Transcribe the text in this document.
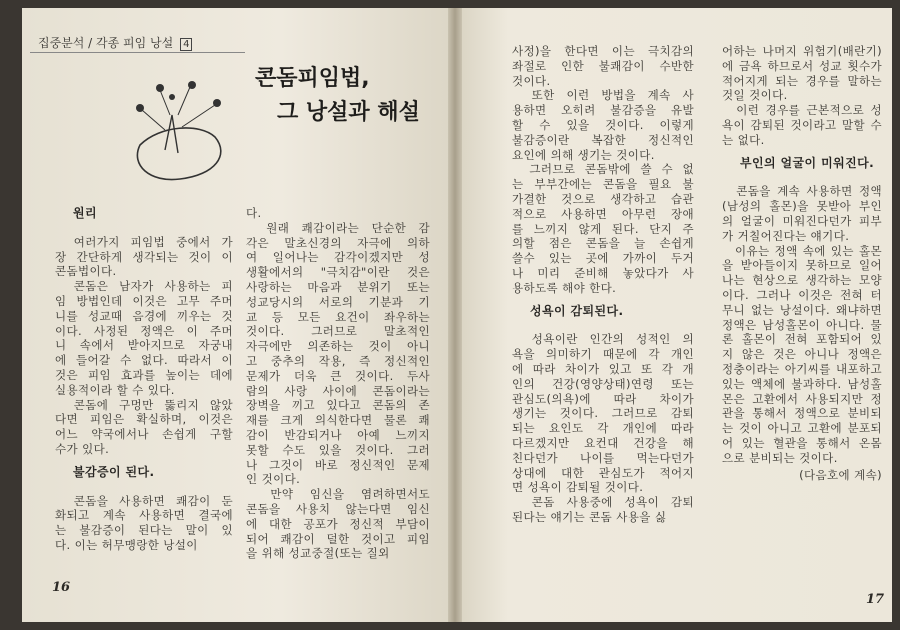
집중분석 / 각종 피임 낭설 4
콘돔피임법,
그 낭설과 해설
원리
　여러가지 피임법 중에서 가
장 간단하게 생각되는 것이 이
콘돔법이다.
　콘돔은 남자가 사용하는 피
임 방법인데 이것은 고무 주머
니를 성교때 음경에 끼우는 것
이다. 사정된 정액은 이 주머
니 속에서 받아지므로 자궁내
에 들어갈 수 없다. 따라서 이
것은 피임 효과를 높이는 데에
실용적이라 할 수 있다.
　콘돔에 구멍만 뚫리지 않았
다면 피임은 확실하며, 이것은
어느 약국에서나 손쉽게 구할
수가 있다.
불감증이 된다.
　콘돔을 사용하면 쾌감이 둔
화되고 계속 사용하면 결국에
는 불감증이 된다는 말이 있
다. 이는 허무맹랑한 낭설이
다.
　원래 쾌감이라는 단순한 감
각은 말초신경의 자극에 의하
여 일어나는 감각이겠지만 성
생활에서의 "극치감"이란 것은
사랑하는 마음과 분위기 또는
성교당시의 서로의 기분과 기
교 등 모든 요건이 좌우하는
것이다. 그러므로 말초적인
자극에만 의존하는 것이 아니
고 중추의 작용, 즉 정신적인
문제가 더욱 큰 것이다. 두사
람의 사랑 사이에 콘돔이라는
장벽을 끼고 있다고 콘돔의 존
재를 크게 의식한다면 물론 쾌
감이 반감되거나 아예 느끼지
못할 수도 있을 것이다. 그러
나 그것이 바로 정신적인 문제
인 것이다.
　만약 임신을 염려하면서도
콘돔을 사용치 않는다면 임신
에 대한 공포가 정신적 부담이
되어 쾌감이 덜한 것이고 피임
을 위해 성교중절(또는 질외
사정)을 한다면 이는 극치감의
좌절로 인한 불쾌감이 수반한
것이다.
　또한 이런 방법을 계속 사
용하면 오히려 불감증을 유발
할 수 있을 것이다. 이렇게
불감증이란 복잡한 정신적인
요인에 의해 생기는 것이다.
　그러므로 콘돔밖에 쓸 수 없
는 부부간에는 콘돔을 필요 불
가결한 것으로 생각하고 습관
적으로 사용하면 아무런 장애
를 느끼지 않게 된다. 단지 주
의할 점은 콘돔을 늘 손쉽게
쓸수 있는 곳에 가까이 두거
나 미리 준비해 놓았다가 사
용하도록 해야 한다.
성욕이 감퇴된다.
　성욕이란 인간의 성적인 의
욕을 의미하기 때문에 각 개인
에 따라 차이가 있고 또 각 개
인의 건강(영양상태)연령 또는
관심도(의욕)에 따라 차이가
생기는 것이다. 그러므로 감퇴
되는 요인도 각 개인에 따라
다르겠지만 요컨대 건강을 해
친다던가 나이를 먹는다던가
상대에 대한 관심도가 적어지
면 성욕이 감퇴될 것이다.
　콘돔 사용중에 성욕이 감퇴
된다는 얘기는 콘돔 사용을 싫
어하는 나머지 위험기(배란기)
에 금욕 하므로서 성교 횟수가
적어지게 되는 경우를 말하는
것일 것이다.
　이런 경우를 근본적으로 성
욕이 감퇴된 것이라고 말할 수
는 없다.
부인의 얼굴이 미워진다.
　콘돔을 계속 사용하면 정액
(남성의 홀몬)을 못받아 부인
의 얼굴이 미워진다던가 피부
가 거칠어진다는 얘기다.
　이유는 정액 속에 있는 홀몬
을 받아들이지 못하므로 일어
나는 현상으로 생각하는 모양
이다. 그러나 이것은 전혀 터
무니 없는 낭설이다. 왜냐하면
정액은 남성홀몬이 아니다. 물
론 홀몬이 전혀 포함되어 있
지 않은 것은 아니나 정액은
정충이라는 아기씨를 내포하고
있는 액체에 불과하다. 남성홀
몬은 고환에서 사용되지만 정
관을 통해서 정액으로 분비되
는 것이 아니고 고환에 분포되
어 있는 혈관을 통해서 온몸
으로 분비되는 것이다.
(다음호에 계속)
16
17
